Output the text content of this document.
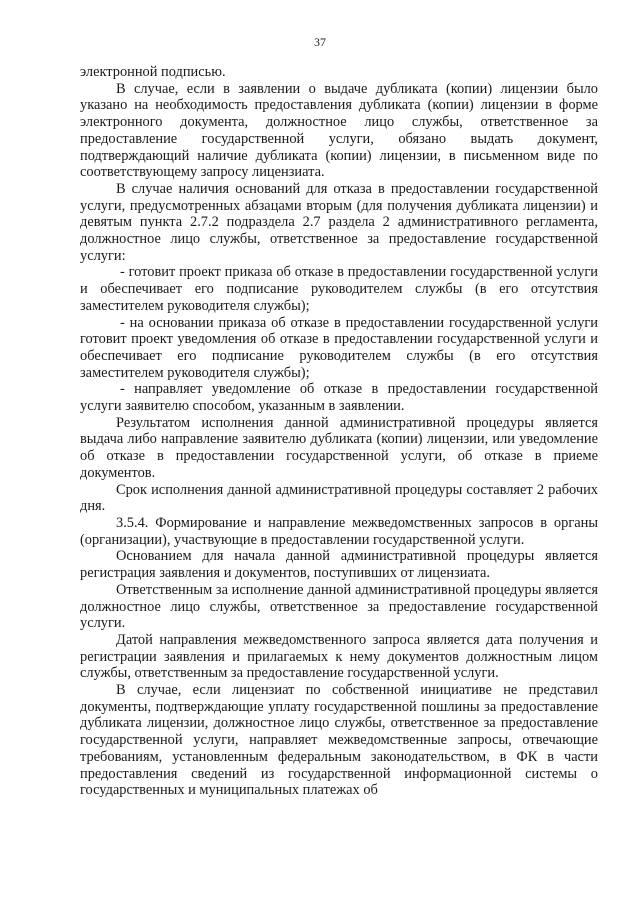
37

электронной подписью.

В случае, если в заявлении о выдаче дубликата (копии) лицензии было указано на необходимость предоставления дубликата (копии) лицензии в форме электронного документа, должностное лицо службы, ответственное за предоставление государственной услуги, обязано выдать документ, подтверждающий наличие дубликата (копии) лицензии, в письменном виде по соответствующему запросу лицензиата.

В случае наличия оснований для отказа в предоставлении государственной услуги, предусмотренных абзацами вторым (для получения дубликата лицензии) и девятым пункта 2.7.2 подраздела 2.7 раздела 2 административного регламента, должностное лицо службы, ответственное за предоставление государственной услуги:

- готовит проект приказа об отказе в предоставлении государственной услуги и обеспечивает его подписание руководителем службы (в его отсутствия заместителем руководителя службы);

- на основании приказа об отказе в предоставлении государственной услуги готовит проект уведомления об отказе в предоставлении государственной услуги и обеспечивает его подписание руководителем службы (в его отсутствия заместителем руководителя службы);

- направляет уведомление об отказе в предоставлении государственной услуги заявителю способом, указанным в заявлении.

Результатом исполнения данной административной процедуры является выдача либо направление заявителю дубликата (копии) лицензии, или уведомление об отказе в предоставлении государственной услуги, об отказе в приеме документов.

Срок исполнения данной административной процедуры составляет 2 рабочих дня.

3.5.4. Формирование и направление межведомственных запросов в органы (организации), участвующие в предоставлении государственной услуги.

Основанием для начала данной административной процедуры является регистрация заявления и документов, поступивших от лицензиата.

Ответственным за исполнение данной административной процедуры является должностное лицо службы, ответственное за предоставление государственной услуги.

Датой направления межведомственного запроса является дата получения и регистрации заявления и прилагаемых к нему документов должностным лицом службы, ответственным за предоставление государственной услуги.

В случае, если лицензиат по собственной инициативе не представил документы, подтверждающие уплату государственной пошлины за предоставление дубликата лицензии, должностное лицо службы, ответственное за предоставление государственной услуги, направляет межведомственные запросы, отвечающие требованиям, установленным федеральным законодательством, в ФК в части предоставления сведений из государственной информационной системы о государственных и муниципальных платежах об
